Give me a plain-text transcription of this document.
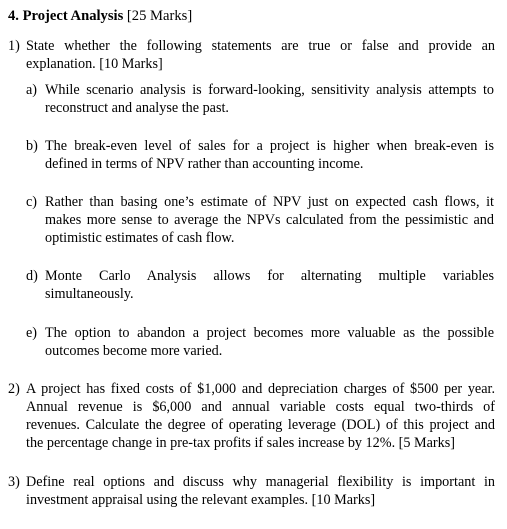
4. Project Analysis [25 Marks]
1) State whether the following statements are true or false and provide an
explanation. [10 Marks]
a) While scenario analysis is forward-looking, sensitivity analysis attempts to
reconstruct and analyse the past.
b) The break-even level of sales for a project is higher when break-even is
defined in terms of NPV rather than accounting income.
c) Rather than basing one’s estimate of NPV just on expected cash flows, it
makes more sense to average the NPVs calculated from the pessimistic and
optimistic estimates of cash flow.
d) Monte Carlo Analysis allows for alternating multiple variables
simultaneously.
e) The option to abandon a project becomes more valuable as the possible
outcomes become more varied.
2) A project has fixed costs of $1,000 and depreciation charges of $500 per year.
Annual revenue is $6,000 and annual variable costs equal two-thirds of
revenues. Calculate the degree of operating leverage (DOL) of this project and
the percentage change in pre-tax profits if sales increase by 12%. [5 Marks]
3) Define real options and discuss why managerial flexibility is important in
investment appraisal using the relevant examples. [10 Marks]
